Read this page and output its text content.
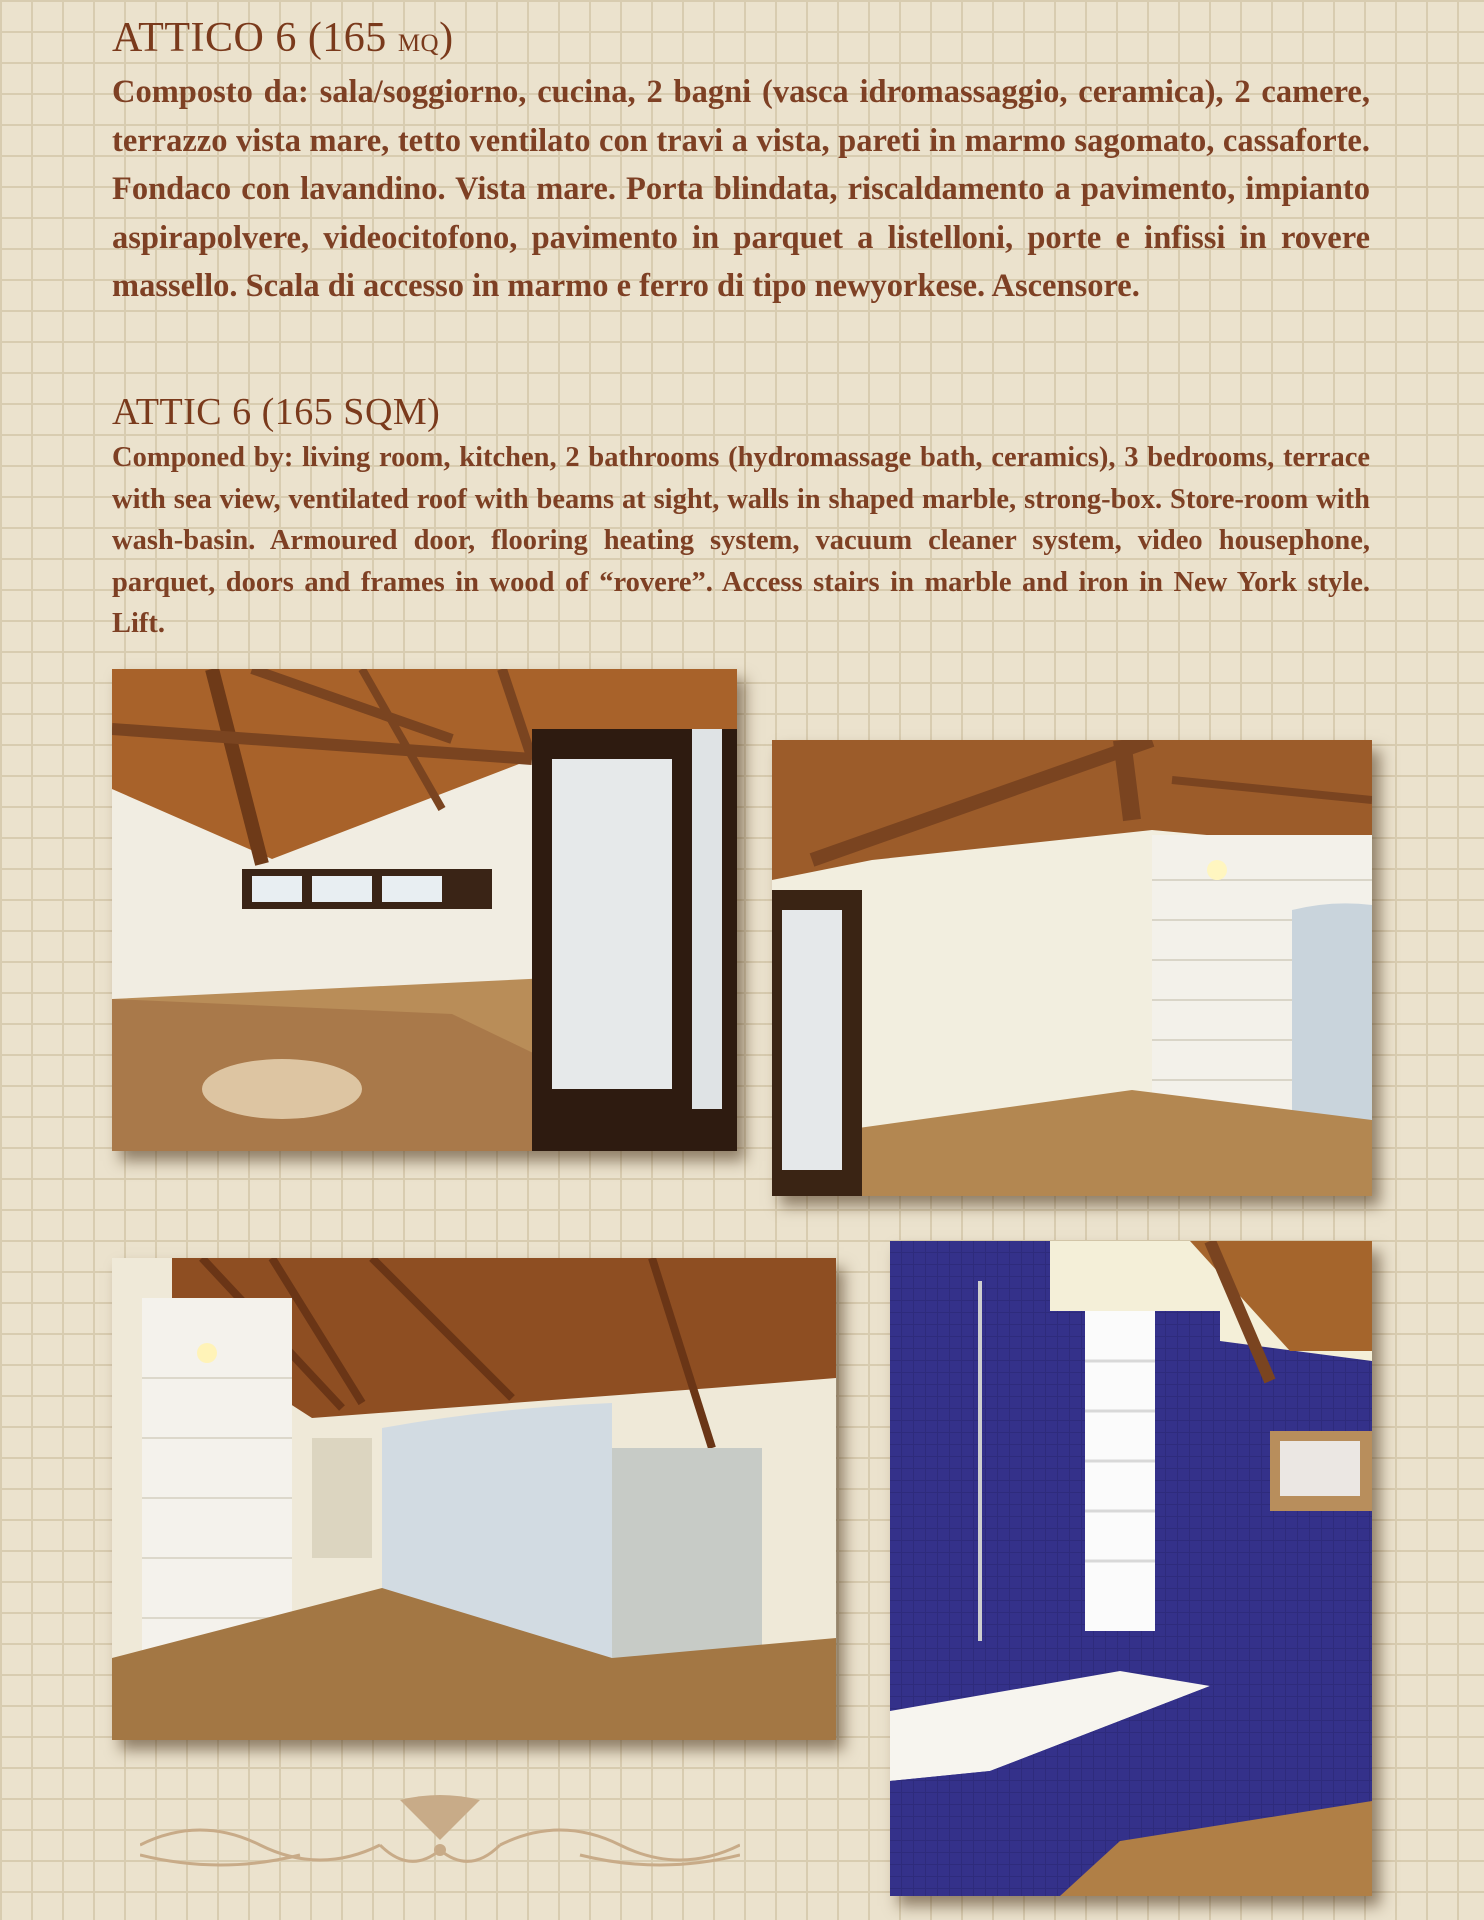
ATTICO 6 (165 mq)

Composto da: sala/soggiorno, cucina, 2 bagni (vasca idromassaggio, ceramica), 2 camere, terrazzo vista mare, tetto ventilato con travi a vista, pareti in marmo sagomato, cassaforte. Fondaco con lavandino. Vista mare. Porta blindata, riscaldamento a pavimento, impianto aspirapolvere, videocitofono, pavimento in parquet a listelloni, porte e infissi in rovere massello. Scala di accesso in marmo e ferro di tipo newyorkese. Ascensore.

ATTIC 6 (165 SQM)

Componed by: living room, kitchen, 2 bathrooms (hydromassage bath, ceramics), 3 bedrooms, terrace with sea view, ventilated roof with beams at sight, walls in shaped marble, strong-box. Store-room with wash-basin. Armoured door, flooring heating system, vacuum cleaner system, video housephone, parquet, doors and frames in wood of “rovere”. Access stairs in marble and iron in New York style. Lift.
